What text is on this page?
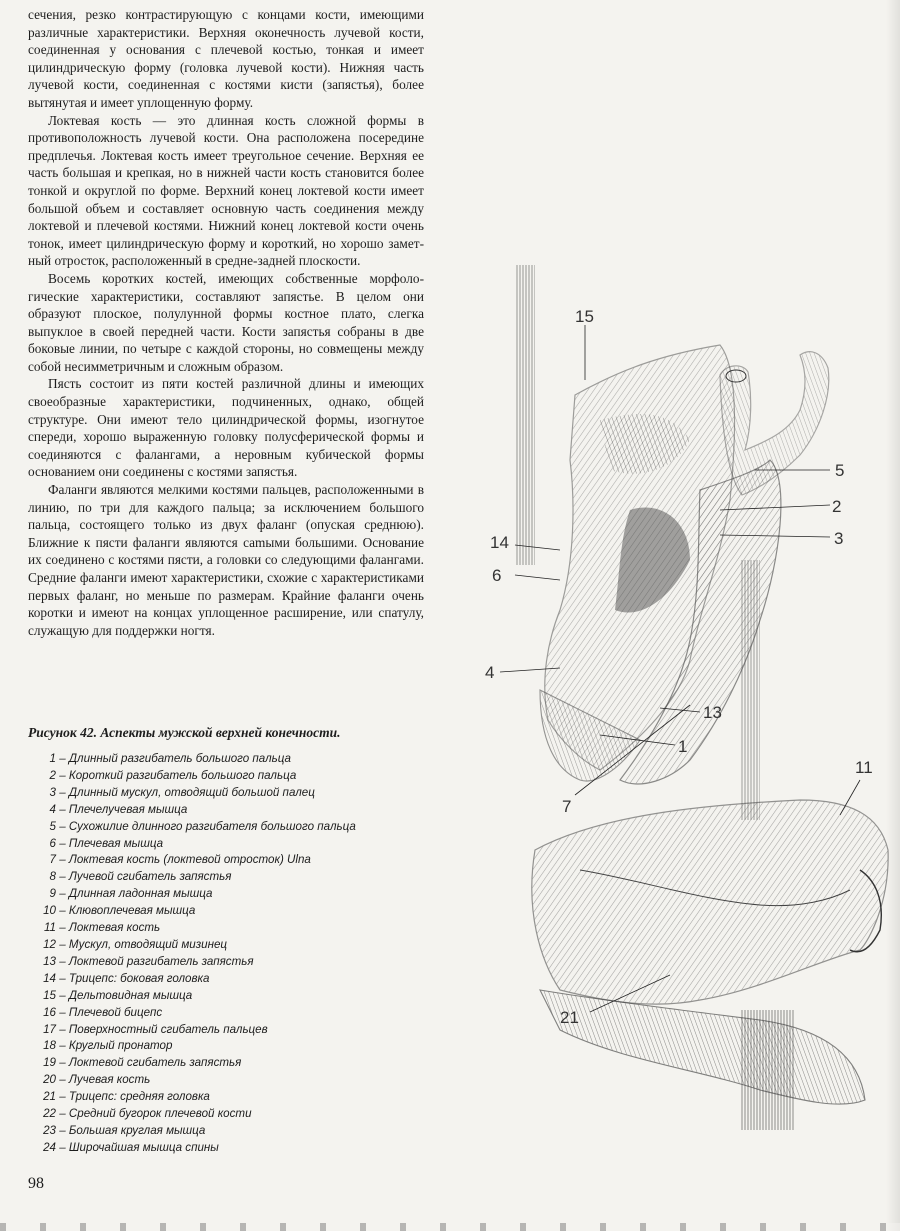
сечения, резко контрастирующую с концами кости, имеющими различные характеристики. Верхняя оконечность лучевой кости, соединенная у основания с плечевой костью, тонкая и имеет цилиндрическую форму (головка лучевой кости). Нижняя часть лучевой кости, соединенная с костями кисти (запястья), более вытянутая и имеет уплощенную форму.

Локтевая кость — это длинная кость сложной формы в противоположность лучевой кости. Она расположена посередине предплечья. Локтевая кость имеет треугольное сечение. Верхняя ее часть большая и крепкая, но в нижней части кость становится более тонкой и округлой по форме. Верхний конец локтевой кости имеет большой объем и составляет основную часть соединения между локтевой и плечевой костями. Нижний конец локтевой кости очень тонок, имеет цилиндрическую форму и короткий, но хорошо заметный отросток, расположенный в средне-задней плоскости.

Восемь коротких костей, имеющих собственные морфологические характеристики, составляют запястье. В целом они образуют плоское, полулунной формы костное плато, слегка выпуклое в своей передней части. Кости запястья собраны в две боковые линии, по четыре с каждой стороны, но совмещены между собой несимметричным и сложным образом.

Пясть состоит из пяти костей различной длины и имеющих своеобразные характеристики, подчиненных, однако, общей структуре. Они имеют тело цилиндрической формы, изогнутое спереди, хорошо выраженную головку полусферической формы и соединяются с фалангами, а неровным кубической формы основанием они соединены с костями запястья.

Фаланги являются мелкими костями пальцев, расположенными в линию, по три для каждого пальца; за исключением большого пальца, состоящего только из двух фаланг (опуская среднюю). Ближние к пясти фаланги являются саmыми большими. Основание их соединено с костями пясти, а головки со следующими фалангами. Средние фаланги имеют характеристики, схожие с характеристиками первых фаланг, но меньше по размерам. Крайние фаланги очень коротки и имеют на концах уплощенное расширение, или спатулу, служащую для поддержки ногтя.

Рисунок 42. Аспекты мужской верхней конечности.
1 – Длинный разгибатель большого пальца
2 – Короткий разгибатель большого пальца
3 – Длинный мускул, отводящий большой палец
4 – Плечелучевая мышца
5 – Сухожилие длинного разгибателя большого пальца
6 – Плечевая мышца
7 – Локтевая кость (локтевой отросток) Ulna
8 – Лучевой сгибатель запястья
9 – Длинная ладонная мышца
10 – Клювоплечевая мышца
11 – Локтевая кость
12 – Мускул, отводящий мизинец
13 – Локтевой разгибатель запястья
14 – Трицепс: боковая головка
15 – Дельтовидная мышца
16 – Плечевой бицепс
17 – Поверхностный сгибатель пальцев
18 – Круглый пронатор
19 – Локтевой сгибатель запястья
20 – Лучевая кость
21 – Трицепс: средняя головка
22 – Средний бугорок плечевой кости
23 – Большая круглая мышца
24 – Широчайшая мышца спины
98
15
5
2
3
14
6
4
13
1
7
11
21
